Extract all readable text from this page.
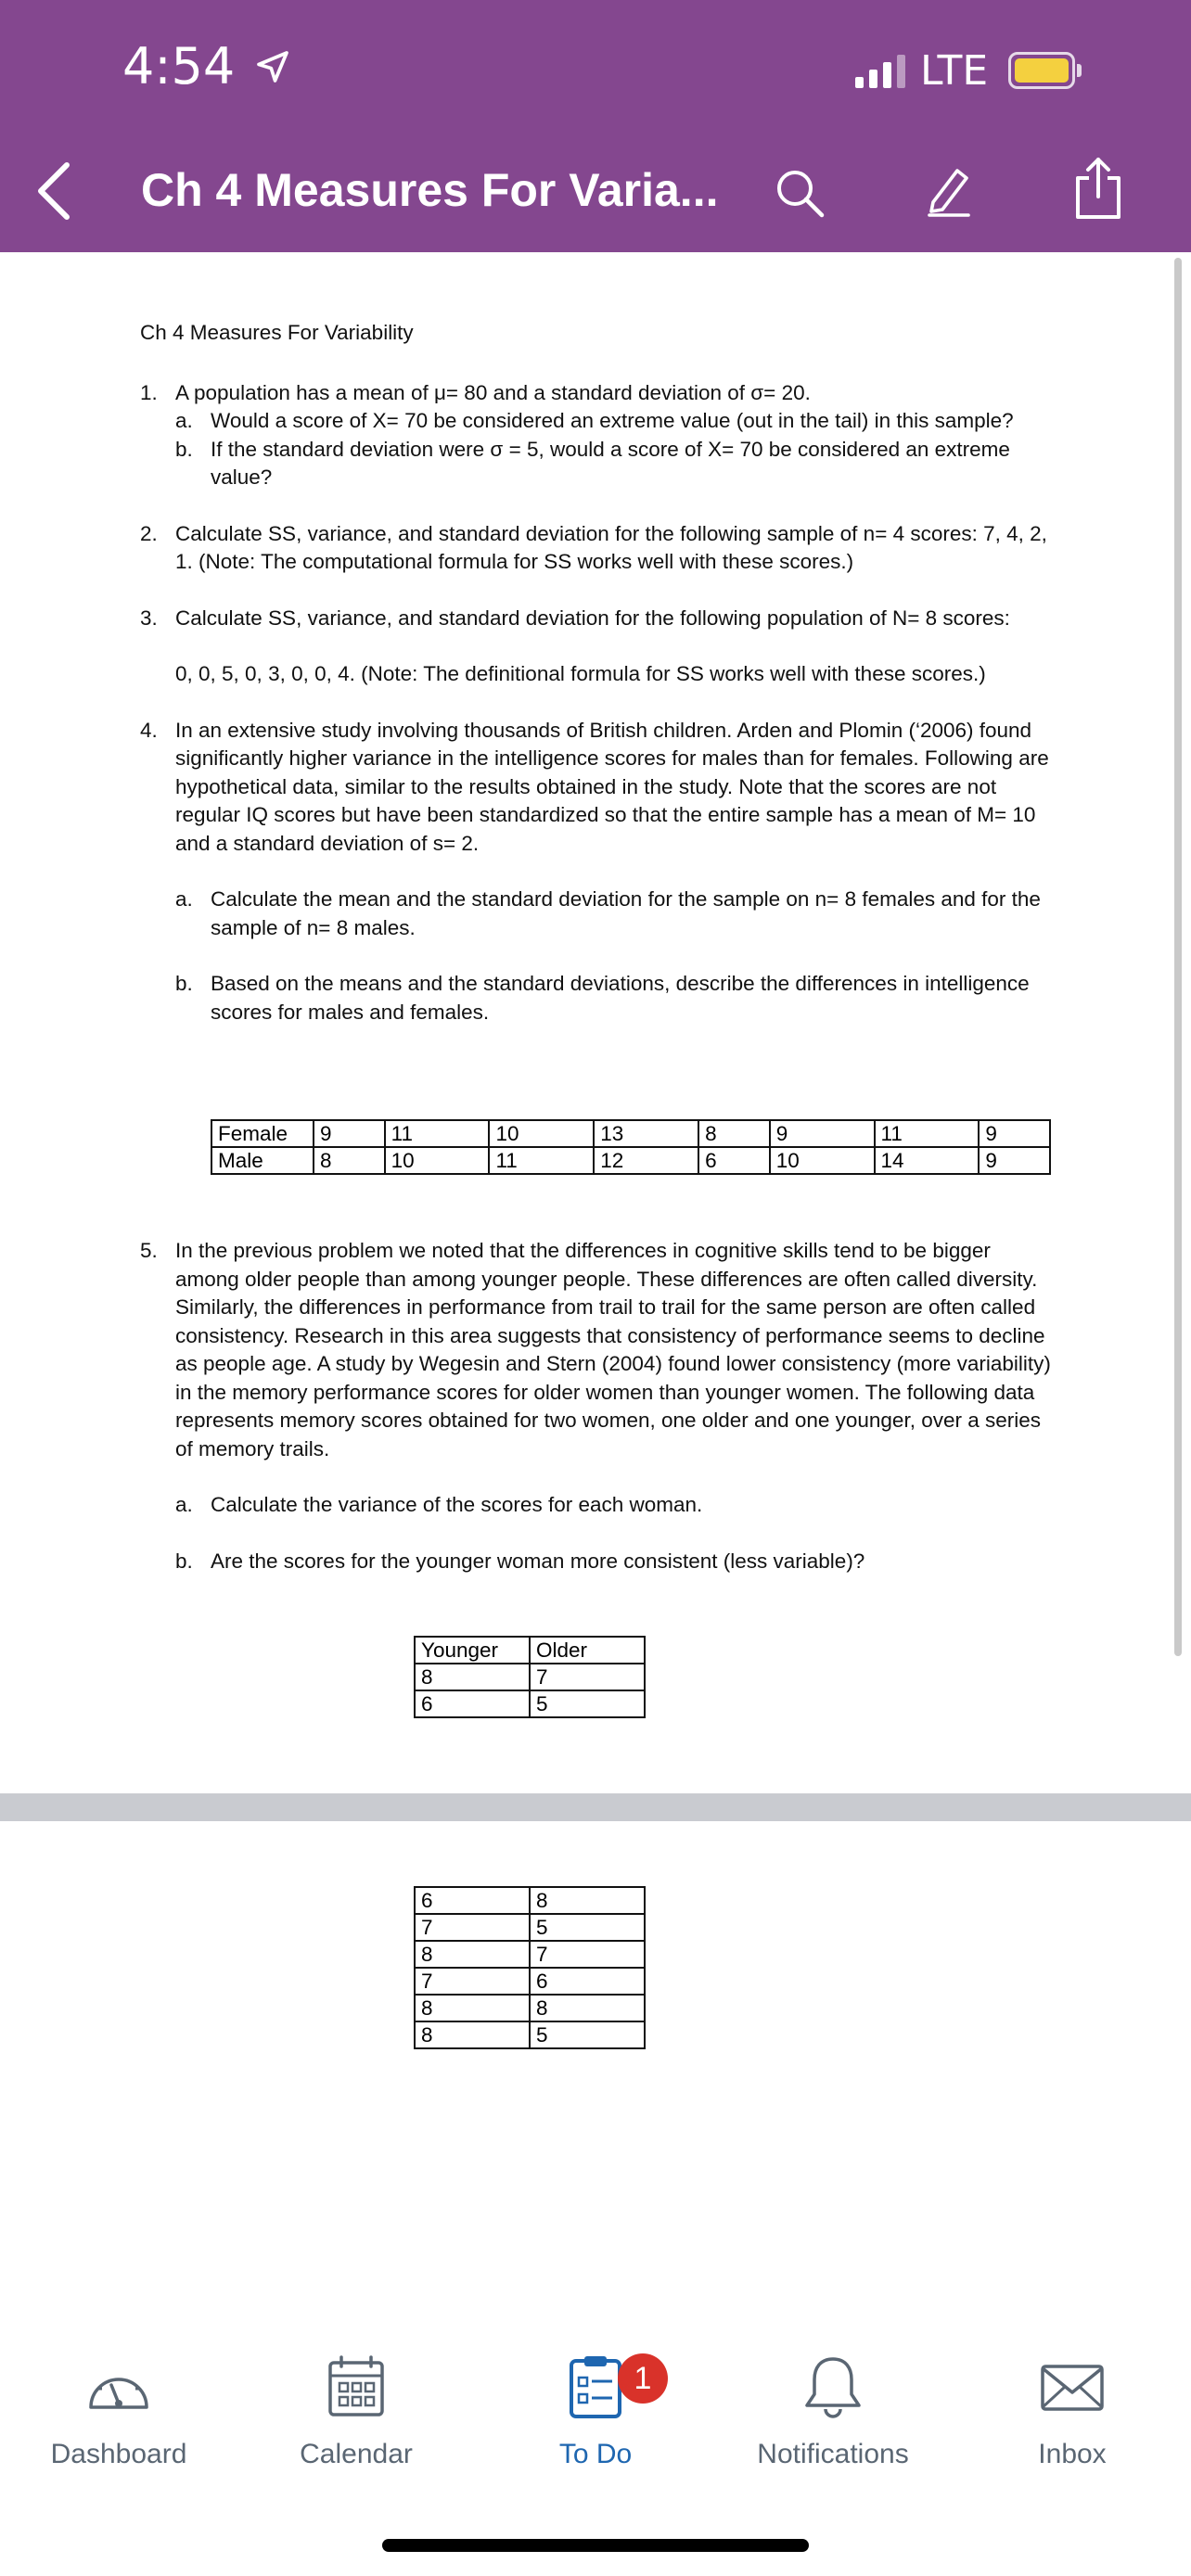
4:54	LTE
Ch 4 Measures For Varia...

Ch 4 Measures For Variability

1. A population has a mean of μ= 80 and a standard deviation of σ= 20.

a. Would a score of X= 70 be considered an extreme value (out in the tail) in this sample?

b. If the standard deviation were σ = 5, would a score of X= 70 be considered an extreme value?

2. Calculate SS, variance, and standard deviation for the following sample of n= 4 scores: 7, 4, 2, 1. (Note: The computational formula for SS works well with these scores.)

3. Calculate SS, variance, and standard deviation for the following population of N= 8 scores:

0, 0, 5, 0, 3, 0, 0, 4. (Note: The definitional formula for SS works well with these scores.)

4. In an extensive study involving thousands of British children. Arden and Plomin (‘2006) found significantly higher variance in the intelligence scores for males than for females. Following are hypothetical data, similar to the results obtained in the study. Note that the scores are not regular IQ scores but have been standardized so that the entire sample has a mean of M= 10 and a standard deviation of s= 2.

a. Calculate the mean and the standard deviation for the sample on n= 8 females and for the sample of n= 8 males.

b. Based on the means and the standard deviations, describe the differences in intelligence scores for males and females.

Female	9	11	10	13	8	9	11	9
Male	8	10	11	12	6	10	14	9

5. In the previous problem we noted that the differences in cognitive skills tend to be bigger among older people than among younger people. These differences are often called diversity. Similarly, the differences in performance from trail to trail for the same person are often called consistency. Research in this area suggests that consistency of performance seems to decline as people age. A study by Wegesin and Stern (2004) found lower consistency (more variability) in the memory performance scores for older women than younger women. The following data represents memory scores obtained for two women, one older and one younger, over a series of memory trails.

a. Calculate the variance of the scores for each woman.

b. Are the scores for the younger woman more consistent (less variable)?

Younger	Older
8	7
6	5
6	8
7	5
8	7
7	6
8	8
8	5
Dashboard	Calendar	To Do
1
Notifications	Inbox
